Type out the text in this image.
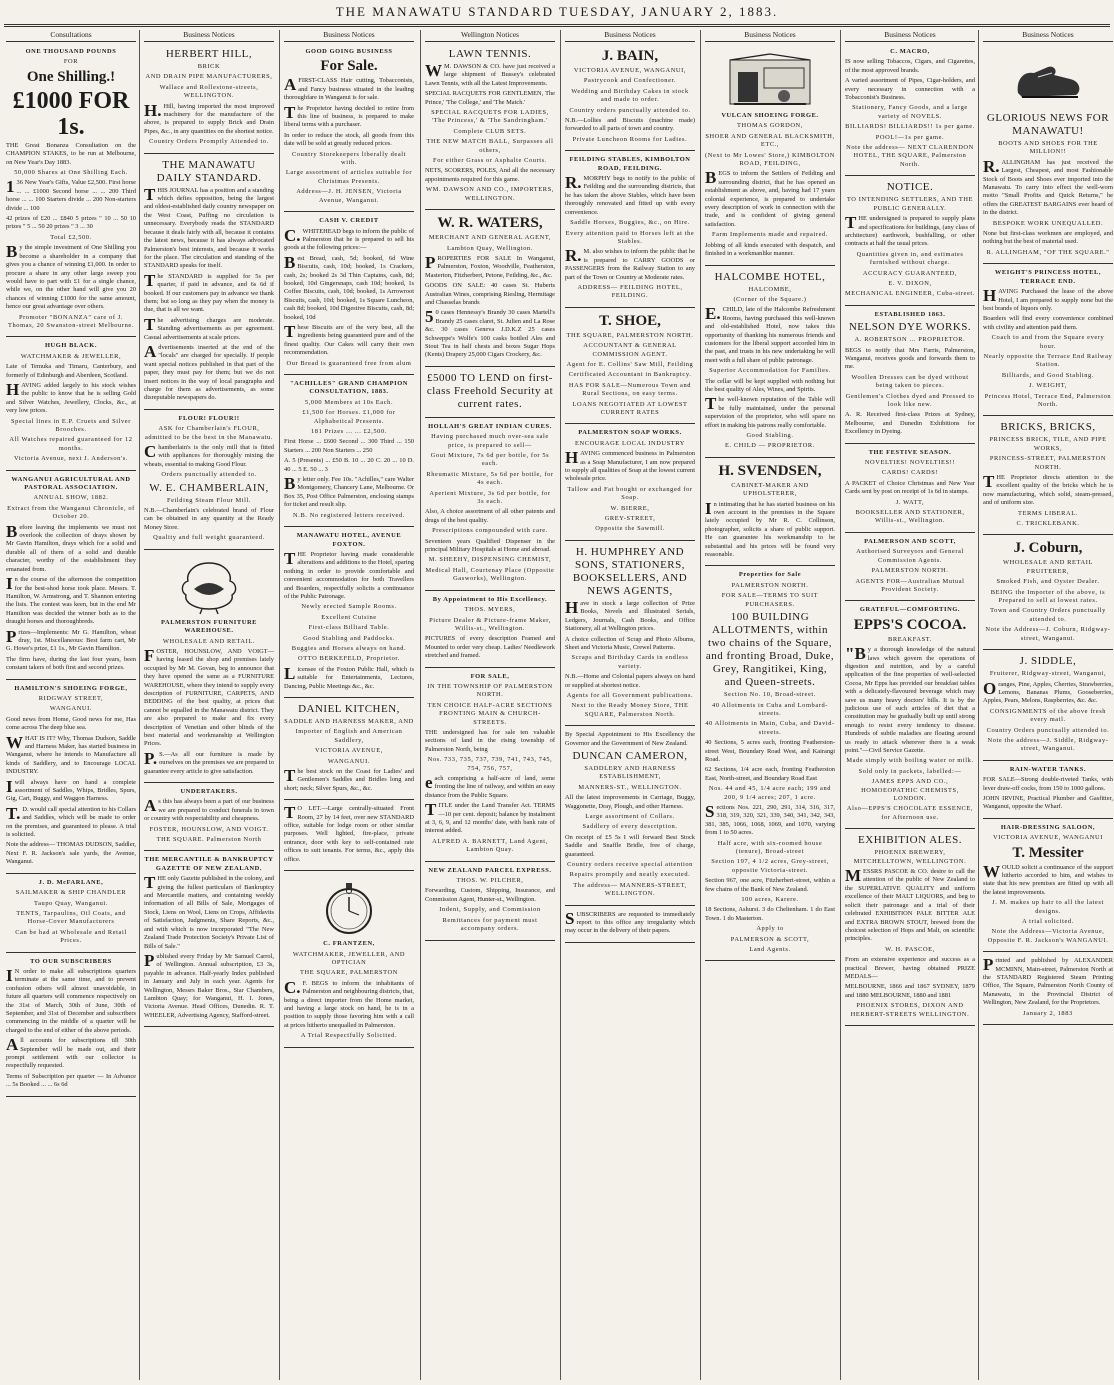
THE MANAWATU STANDARD TUESDAY, JANUARY 2, 1883.
Consultations

ONE THOUSAND POUNDS

FOR

One Shilling.!

£1000 FOR 1s.

THE Great Bonanza Consultation on the CHAMPION STAKES, to be run at Melbourne, on New Year's Day 1883.

50,000 Shares at One Shilling Each.

136 New Year's Gifts, Value £2,500. First horse ... ... £1000 Second horse ... ... 200 Third horse ... ... 100 Starters divide ... 200 Non-starters divide ... 100

42 prizes of £20 ... £840 5 prizes " 10 ... 50 10 prizes " 5 ... 50 20 prizes " 3 ... 30

Total £2,500.

By the simple investment of One Shilling you become a shareholder in a company that gives you a chance of winning £1,000. In order to procure a share in any other large sweep you would have to part with £1 for a single chance, while we, on the other hand will give you 20 chances of winning £1000 for the same amount, hence our great advantage over others.

Promoter "BONANZA" care of J. Thomas, 20 Swanston-street Melbourne.

HUGH BLACK.

WATCHMAKER & JEWELLER,

Late of Temuka and Timaru, Canterbury, and formerly of Edinburgh and Aberdeen, Scotland.

HAVING added largely to his stock wishes the public to know that he is selling Gold and Silver Watches, Jewellery, Clocks, &c., at very low prices.

Special lines in E.P. Cruets and Silver Brooches.

All Watches repaired guaranteed for 12 months.

Victoria Avenue, next J. Anderson's.

WANGANUI AGRICULTURAL AND PASTORAL ASSOCIATION.

ANNUAL SHOW, 1882.

Extract from the Wanganui Chronicle, of October 20.

Before leaving the implements we must not overlook the collection of drays shown by Mr Gavin Hamilton, drays which for a solid and durable all of them of a solid and durable character, worthy of the establishment they emanated from.

In the course of the afternoon the competition for the best-shod horse took place. Messrs. T. Hamilton, W. Armstrong, and T. Shannon entering the lists. The contest was keen, but in the end Mr Hamilton was decided the winner both as to the draught horses and thoroughbreds.

Prizes—Implements: Mr G. Hamilton, wheat dray, 1st. Miscellaneous: Best farm cart, Mr G. Howe's prize, £1 1s., Mr Gavin Hamilton.

The firm have, during the last four years, been constant takers of both first and second prizes.

HAMILTON'S SHOEING FORGE,

RIDGWAY STREET,

WANGANUI.

Good news from Home, Good news for me, Has come across The deep blue sea.

WHAT IS IT? Why, Thomas Dudson, Saddle and Harness Maker, has started business in Wanganui, where he intends to Manufacture all kinds of Saddlery, and to Encourage LOCAL INDUSTRY.

Iwill always have on hand a complete assortment of Saddles, Whips, Bridles, Spurs, Gig, Cart, Buggy, and Waggon Harness.

T.D. would call special attention to his Collars and Saddles, which will be made to order on the premises, and guaranteed to please. A trial is solicited.

Note the address— THOMAS DUDSON, Saddler, Next F. R. Jackson's sale yards, the Avenue, Wanganui.

J. D. McFARLANE,

SAILMAKER & SHIP CHANDLER

Taupo Quay, Wanganui.

TENTS, Tarpaulins, Oil Coats, and Horse-Cover Manufacturers

Can be had at Wholesale and Retail Prices.

TO OUR SUBSCRIBERS

IN order to make all subscriptions quarters terminate at the same time, and to prevent confusion others will almost unavoidable, in future all quarters will commence respectively on the 31st of March, 30th of June, 30th of September, and 31st of December and subscribers commencing in the middle of a quarter will be charged to the end of either of the above periods.

All accounts for subscriptions till 30th September will be made out, and their prompt settlement with our collector is respectfully requested.

Terms of Subscription per quarter — In Advance ... 5s Booked ... ... 6s 6d

Business Notices

HERBERT HILL,

BRICK

AND DRAIN PIPE MANUFACTURERS,

Wallace and Rollestone-streets, WELLINGTON.

H.Hill, having imported the most improved machinery for the manufacture of the above, is prepared to supply Brick and Drain Pipes, &c., in any quantities on the shortest notice.

Country Orders Promptly Attended to.

THE MANAWATU DAILY STANDARD.

THIS JOURNAL has a position and a standing which defies opposition, being the largest and oldest-established daily country newspaper on the West Coast, Puffing no circulation is unnecessary. Everybody reads the STANDARD because it deals fairly with all, because it contains the latest news, because it has always advocated Palmerston's best interests, and because it works for the place. The circulation and standing of the STANDARD speaks for itself.

The STANDARD is supplied for 5s per quarter, if paid in advance, and 6s 6d if booked. If our customers pay in advance we thank them; but so long as they pay when the money is due, that is all we want.

The advertising charges are moderate. Standing advertisements as per agreement. Casual advertisements at scale prices.

Advertisements inserted at the end of the "locals" are charged for specially. If people want special notices published in that part of the paper, they must pay for them; but we do not insert notices in the way of local paragraphs and charge for them as advertisements, as some disreputable newspapers do.

FLOUR! FLOUR!!

ASK for Chamberlain's FLOUR, admitted to be the best in the Manawatu.

Chamberlain's is the only mill that is fitted with appliances for thoroughly mixing the wheats, essential to making Good Flour.

Orders punctually attended to.

W. E. CHAMBERLAIN,

Feilding Steam Flour Mill.

N.B.—Chamberlain's celebrated brand of Flour can be obtained in any quantity at the Ready Money Store.

Quality and full weight guaranteed.

PALMERSTON FURNITURE WAREHOUSE.

WHOLESALE AND RETAIL.

FOSTER, HOUNSLOW, AND VOIGT—having leased the shop and premises lately occupied by Mr M. Govan, beg to announce that they have opened the same as a FURNITURE WAREHOUSE, where they intend to supply every description of FURNITURE, CARPETS, AND BEDDING of the best quality, at prices that cannot be equalled in the Manawatu district. They are also prepared to make and fix every description of Venetian and other blinds of the best material and workmanship at Wellington Prices.

P.S.—As all our furniture is made by ourselves on the premises we are prepared to guarantee every article to give satisfaction.

UNDERTAKERS.

As this has always been a part of our business we are prepared to conduct funerals in town or country with respectability and cheapness.

FOSTER, HOUNSLOW, AND VOIGT.

THE SQUARE. Palmerston North

THE MERCANTILE & BANKRUPTCY GAZETTE OF NEW ZEALAND.

THE only Gazette published in the colony, and giving the fullest particulars of Bankruptcy and Mercantile matters, and containing weekly information of all Bills of Sale, Mortgages of Stock, Liens on Wool, Liens on Crops, Affidavits of Satisfaction, Judgments, Share Reports, &c., and with which is now incorporated "The New Zealand Trade Protection Society's Private List of Bills of Sale."

Published every Friday by Mr Samuel Carrol, of Wellington. Annual subscription, £3 3s, payable in advance. Half-yearly Index published in January and July in each year. Agents for Wellington, Messrs Baker Bros., Star Chambers, Lambton Quay; for Wanganui, H. I. Jones, Victoria Avenue. Head Offices, Dunedin. R. T. WHEELER, Advertising Agency, Stafford-street.

Business Notices

GOOD GOING BUSINESS

For Sale.

AFIRST-CLASS Hair cutting, Tobacconists, and Fancy business situated in the leading thoroughfare in Wanganui is for sale.

The Proprietor having decided to retire from this line of business, is prepared to make liberal terms with a purchaser.

In order to reduce the stock, all goods from this date will be sold at greatly reduced prices.

Country Storekeepers liberally dealt with.

Large assortment of articles suitable for Christmas Presents.

Address—J. H. JENSEN, Victoria Avenue, Wanganui.

CASH V. CREDIT

C.WHITEHEAD begs to inform the public of Palmerston that he is prepared to sell his goods at the following prices:—

Best Bread, cash, 5d; booked, 6d Wine Biscuits, cash, 10d; booked, 1s Crackers, cash, 2s; booked 2s 3d Thin Captains, cash, 8d; booked, 10d Gingersnaps, cash 10d; booked, 1s Coffee Biscuits, cash, 10d; booked, 1s Arrowroot Biscuits, cash, 10d; booked, 1s Square Luncheon, cash 8d; booked, 10d Digestive Biscuits, cash, 8d; booked, 10d

These Biscuits are of the very best, all the ingredients being guaranteed pure and of the finest quality. Our Cakes will carry their own recommendation.

Our Bread is guaranteed free from alum

"ACHILLES" GRAND CHAMPION CONSULTATION, 1883.

5,000 Members at 10s Each.

£1,500 for Horses. £1,000 for Alphabetical Presents.

181 Prizes ... ... £2,500.

First Horse ... £600 Second ... 300 Third ... 150 Starters ... 200 Non Starters ... 250

A. 5 (Presents) ... £50 B. 10 ... 20 C. 20 ... 10 D. 40 ... 5 E. 50 ... 3

By letter only. Fee 10s. "Achilles," care Walter Montgomery, Chancery Lane, Melbourne. Or Box 35, Post Office Palmerston, enclosing stamps for ticket and result slip.

N.B. No registered letters received.

MANAWATU HOTEL, AVENUE FOXTON.

THE Proprietor having made considerable alterations and additions to the Hotel, sparing nothing in order to provide comfortable and convenient accommodation for both Travellers and Boarders, respectfully solicits a continuance of the Public Patronage.

Newly erected Sample Rooms.

Excellent Cuisine

First-class Billiard Table.

Good Stabling and Paddocks.

Buggies and Horses always on hand.

OTTO BERKEFELD, Proprietor.

Licensee of the Foxton Public Hall, which is suitable for Entertainments, Lectures, Dancing, Public Meetings &c., &c.

DANIEL KITCHEN,

SADDLE AND HARNESS MAKER, AND

Importer of English and American Saddlery,

VICTORIA AVENUE,

WANGANUI.

The best stock on the Coast for Ladies' and Gentlemen's Saddles and Bridles long and short; neck; Silver Spurs, &c., &c.

TO LET.—Large centrally-situated Front Room, 27 by 14 feet, over new STANDARD office, suitable for lodge room or other similar purposes. Well lighted, fire-place, private entrance, door with key to self-contained rate offices to suit tenants. For terms, &c., apply this office.

C. FRANTZEN,

WATCHMAKER, JEWELLER, AND OPTICIAN

THE SQUARE, PALMERSTON

C.F. BEGS to inform the inhabitants of Palmerston and neighbouring districts, that, being a direct importer from the Home market, and having a large stock on hand, he is in a position to supply those favoring him with a call at prices hitherto unequalled in Palmerston.

A Trial Respectfully Solicited.

Wellington Notices

LAWN TENNIS.

WM. DAWSON & CO. have just received a large shipment of Bussey's celebrated Lawn Tennis, with all the Latest Improvements.

SPECIAL RACQUETS FOR GENTLEMEN, The Prince,' 'The College,' and 'The Match.'

SPECIAL RACQUETS FOR LADIES, 'The Princess,' & 'The Sandringham.'

Complete CLUB SETS.

THE NEW MATCH BALL, Surpasses all others,

For either Grass or Asphalte Courts.

NETS, SCORERS, POLES, And all the necessary appointments required for this game.

WM. DAWSON AND CO., IMPORTERS, WELLINGTON.

W. R. WATERS,

MERCHANT AND GENERAL AGENT,

Lambton Quay, Wellington.

PROPERTIES FOR SALE In Wanganui, Palmerston, Foxton, Woodville, Featherston, Masterton, Fitzherbert, Petone, Feilding, &c., &c.

GOODS ON SALE: 40 cases St. Huberts Australian Wines, comprising Riesling, Hermitage and Chasselas brands

50 cases Hennessy's Brandy 30 cases Martell's Brandy 25 cases claret, St. Julien and La Rose &c. 30 cases Geneva J.D.K.Z 25 cases Schweppe's Wolfe's 100 casks bottled Ales and Stout Tea in half chests and boxes Sugar Hops (Kents) Drapery 25,000 Cigars Crockery, &c.

£5000 TO LEND on first-class Freehold Security at current rates.

HOLLAH'S GREAT INDIAN CURES.

Having purchased much over-sea sale price, is prepared to sell—

Gout Mixture, 7s 6d per bottle, for 5s each.

Rheumatic Mixture, 5s 6d per bottle, for 4s each.

Aperient Mixture, 3s 6d per bottle, for 3s each.

Also, A choice assortment of all other patents and drugs of the best quality.

Prescriptions compounded with care.

Seventeen years Qualified Dispenser in the principal Military Hospitals at Home and abroad.

M. SHEEHY, DISPENSING CHEMIST,

Medical Hall, Courtenay Place (Opposite Gasworks), Wellington.

By Appointment to His Excellency.

THOS. MYERS,

Picture Dealer & Picture-frame Maker, Willis-st., Wellington.

PICTURES of every description Framed and Mounted to order very cheap. Ladies' Needlework stretched and framed.

FOR SALE,

IN THE TOWNSHIP OF PALMERSTON NORTH.

TEN CHOICE HALF-ACRE SECTIONS FRONTING MAIN & CHURCH-STREETS.

THE undersigned has for sale ten valuable sections of land in the rising township of Palmerston North, being

Nos. 733, 735, 737, 739, 741, 743, 745, 754, 756, 757,

each comprising a half-acre of land, some fronting the line of railway, and within an easy distance from the Public Square.

TITLE under the Land Transfer Act. TERMS—10 per cent. deposit; balance by instalment at 3, 6, 9, and 12 months' date, with bank rate of interest added.

ALFRED A. BARNETT, Land Agent, Lambton Quay.

NEW ZEALAND PARCEL EXPRESS.

THOS. W. PILCHER,

Forwarding, Custom, Shipping, Insurance, and Commission Agent, Hunter-st., Wellington.

Indent, Supply, and Commission

Remittances for payment must accompany orders.

Business Notices

J. BAIN,

VICTORIA AVENUE, WANGANUI,

Pastrycook and Confectioner.

Wedding and Birthday Cakes in stock and made to order.

Country orders punctually attended to.

N.B.—Lollies and Biscuits (machine made) forwarded to all parts of town and country.

Private Luncheon Rooms for Ladies.

FEILDING STABLES, KIMBOLTON ROAD, FEILDING.

R.MORPHY begs to notify to the public of Feilding and the surrounding districts, that he has taken the above Stables, which have been thoroughly renovated and fitted up with every convenience.

Saddle Horses, Buggies, &c., on Hire.

Every attention paid to Horses left at the Stables.

R.M. also wishes to inform the public that he is prepared to CARRY GOODS or PASSENGERS from the Railway Station to any part of the Town or Country at Moderate rates.

ADDRESS— FEILDING HOTEL, FEILDING.

T. SHOE,

THE SQUARE, PALMERSTON NORTH.

ACCOUNTANT & GENERAL COMMISSION AGENT.

Agent for E. Collins' Saw Mill, Feilding

Certificated Accountant in Bankruptcy.

HAS FOR SALE—Numerous Town and Rural Sections, on easy terms.

LOANS NEGOTIATED AT LOWEST CURRENT RATES

PALMERSTON SOAP WORKS.

ENCOURAGE LOCAL INDUSTRY

HAVING commenced business in Palmerston as a Soap Manufacturer, I am now prepared to supply all qualities of Soap at the lowest current wholesale price.

Tallow and Fat bought or exchanged for Soap.

W. BIERRE,

GREY-STREET,

Opposite the Sawmill.

H. HUMPHREY AND SONS, STATIONERS, BOOKSELLERS, AND NEWS AGENTS,

Have in stock a large collection of Prize Books, Novels and Illustrated Serials, Ledgers, Journals, Cash Books, and Office Stationery, all at Wellington prices.

A choice collection of Scrap and Photo Albums, Sheet and Victoria Music, Crewel Patterns.

Scraps and Birthday Cards in endless variety.

N.B.—Home and Colonial papers always on hand or supplied at shortest notice.

Agents for all Government publications.

Next to the Ready Money Store, THE SQUARE, Palmerston North.

By Special Appointment to His Excellency the Governor and the Government of New Zealand.

DUNCAN CAMERON,

SADDLERY AND HARNESS ESTABLISHMENT,

MANNERS-ST., WELLINGTON.

All the latest improvements in Carriage, Buggy, Waggonette, Dray, Plough, and other Harness.

Large assortment of Collars.

Saddlery of every description.

On receipt of £5 5s I will forward Best Stock Saddle and Snaffle Bridle, free of charge, guaranteed.

Country orders receive special attention

Repairs promptly and neatly executed.

The address— MANNERS-STREET, WELLINGTON.

SUBSCRIBERS are requested to immediately report to this office any irregularity which may occur in the delivery of their papers.

Business Notices

VULCAN SHOEING FORGE.

THOMAS GORDON,

SHOER AND GENERAL BLACKSMITH, ETC.,

(Next to Mr Lowes' Store,) KIMBOLTON ROAD, FEILDING,

BEGS to inform the Settlers of Feilding and surrounding district, that he has opened an establishment as above, and, having had 17 years colonial experience, is prepared to undertake every description of work in connection with the trade, and is confident of giving general satisfaction.

Farm Implements made and repaired.

Jobbing of all kinds executed with despatch, and finished in a workmanlike manner.

HALCOMBE HOTEL,

HALCOMBE,

(Corner of the Square.)

E.CHILD, late of the Halcombe Refreshment Rooms, having purchased this well-known and old-established Hotel, now takes this opportunity of thanking his numerous friends and customers for the liberal support accorded him in the past, and trusts in his new undertaking he will meet with a full share of public patronage.

Superior Accommodation for Families.

The cellar will be kept supplied with nothing but the best quality of Ales, Wines, and Spirits.

The well-known reputation of the Table will be fully maintained, under the personal supervision of the proprietor, who will spare no effort in making his patrons really comfortable.

Good Stabling.

E. CHILD — PROPRIETOR.

H. SVENDSEN,

CABINET-MAKER AND UPHOLSTERER,

In intimating that he has started business on his own account in the premises in the Square lately occupied by Mr R. C. Collinson, photographer, solicits a share of public support. He can guarantee his workmanship to be substantial and his prices will be found very reasonable.

Properties for Sale

PALMERSTON NORTH.

FOR SALE—TERMS TO SUIT PURCHASERS.

100 BUILDING ALLOTMENTS, within two chains of the Square, and fronting Broad, Duke, Grey, Rangitikei, King, and Queen-streets.

Section No. 10, Broad-street.

40 Allotments in Cuba and Lombard-streets.

40 Allotments in Main, Cuba, and David-streets.

40 Sections, 5 acres each, fronting Featherston-street West, Boundary Road West, and Kairangi Road.

62 Sections, 1/4 acre each, fronting Featherston East, North-street, and Boundary Road East

Nos. 44 and 45, 1/4 acre each; 199 and 200, 9 1/4 acres; 207, 1 acre.

Sections Nos. 221, 290, 291, 314, 316, 317, 318, 319, 320, 321, 339, 340, 341, 342, 343, 381, 385, 1066, 1068, 1069, and 1070, varying from 1 to 50 acres.

Half acre, with six-roomed house (tenure), Broad-street

Section 197, 4 1/2 acres, Grey-street, opposite Victoria-street.

Section 967, one acre, Fitzherbert-street, within a few chains of the Bank of New Zealand.

100 acres, Karere.

18 Sections, Ashurst. 3 do Cheltenham. 1 do East Town. 1 do Masterton.

Apply to

PALMERSON & SCOTT,

Land Agents.

Business Notices

C. MACRO,

IS now selling Tobaccos, Cigars, and Cigarettes, of the most approved brands.

A varied assortment of Pipes, Cigar-holders, and every necessary in connection with a Tobacconist's Business.

Stationery, Fancy Goods, and a large variety of NOVELS.

BILLIARDS! BILLIARDS!! 1s per game.

POOL!—1s per game.

Note the address— NEXT CLARENDON HOTEL, THE SQUARE, Palmerston North.

NOTICE.

TO INTENDING SETTLERS, AND THE PUBLIC GENERALLY.

THE undersigned is prepared to supply plans and specifications for buildings, (any class of architecture) earthwork, bushfalling, or other contracts at half the usual prices.

Quantities given in, and estimates furnished without charge.

ACCURACY GUARANTEED,

E. V. DIXON,

MECHANICAL ENGINEER, Cuba-street.

ESTABLISHED 1863.

NELSON DYE WORKS.

A. ROBERTSON ... PROPRIETOR.

BEGS to notify that Mrs Farris, Palmerston, Wanganui, receives goods and forwards them to me.

Woollen Dresses can be dyed without being taken to pieces.

Gentlemen's Clothes dyed and Pressed to look like new.

A. R. Received first-class Prizes at Sydney, Melbourne, and Dunedin Exhibitions for Excellency in Dyeing.

THE FESTIVE SEASON.

NOVELTIES! NOVELTIES!!

CARDS! CARDS!

A PACKET of Choice Christmas and New Year Cards sent by post on receipt of 1s 6d in stamps.

J. WATT,

BOOKSELLER AND STATIONER, Willis-st., Wellington.

PALMERSON AND SCOTT,

Authorised Surveyors and General Commission Agents.

PALMERSTON NORTH.

AGENTS FOR—Australian Mutual Provident Society.

GRATEFUL—COMFORTING.

EPPS'S COCOA.

BREAKFAST.

"By a thorough knowledge of the natural laws which govern the operations of digestion and nutrition, and by a careful application of the fine properties of well-selected Cocoa, Mr Epps has provided our breakfast tables with a delicately-flavoured beverage which may save us many heavy doctors' bills. It is by the judicious use of such articles of diet that a constitution may be gradually built up until strong enough to resist every tendency to disease. Hundreds of subtle maladies are floating around us ready to attack wherever there is a weak point."—Civil Service Gazette.

Made simply with boiling water or milk.

Sold only in packets, labelled:—

JAMES EPPS AND CO., HOMOEOPATHIC CHEMISTS, LONDON.

Also—EPPS'S CHOCOLATE ESSENCE, for Afternoon use.

EXHIBITION ALES.

PHOENIX BREWERY, MITCHELLTOWN, WELLINGTON.

MESSRS PASCOE & CO. desire to call the attention of the public of New Zealand to the SUPERLATIVE QUALITY and uniform excellence of their MALT LIQUORS, and beg to solicit their patronage and a trial of their celebrated EXHIBITION PALE BITTER ALE and EXTRA BROWN STOUT, brewed from the choicest selection of Hops and Malt, on scientific principles.

W. H. PASCOE,

From an extensive experience and success as a practical Brewer, having obtained PRIZE MEDALS—

MELBOURNE, 1866 and 1867 SYDNEY, 1879 and 1880 MELBOURNE, 1880 and 1881

PHOENIX STORES, DIXON AND HERBERT-STREETS WELLINGTON.

Business Notices

GLORIOUS NEWS FOR MANAWATU!

BOOTS AND SHOES FOR THE MILLION!!

R.ALLINGHAM has just received the Largest, Cheapest, and most Fashionable Stock of Boots and Shoes ever imported into the Manawatu. To carry into effect the well-worn motto "Small Profits and Quick Returns," he offers the GREATEST BARGAINS ever heard of in the district.

BESPOKE WORK UNEQUALLED.

None but first-class workmen are employed, and nothing but the best of material used.

R. ALLINGHAM, "OF THE SQUARE."

WEIGHT'S PRINCESS HOTEL, TERRACE END.

HAVING Purchased the lease of the above Hotel, I am prepared to supply none but the best brands of liquors only.

Boarders will find every convenience combined with civility and attention paid them.

Coach to and from the Square every hour.

Nearly opposite the Terrace End Railway Station.

Billiards, and Good Stabling.

J. WEIGHT,

Princess Hotel, Terrace End, Palmerston North.

BRICKS, BRICKS,

PRINCESS BRICK, TILE, AND PIPE WORKS,

PRINCESS-STREET, PALMERSTON NORTH.

THE Proprietor directs attention to the excellent quality of the bricks which he is now manufacturing, which solid, steam-pressed, and of uniform size.

TERMS LIBERAL.

C. TRICKLEBANK.

J. Coburn,

WHOLESALE AND RETAIL FRUITERER,

Smoked Fish, and Oyster Dealer.

BEING the Importer of the above, is Prepared to sell at lowest rates.

Town and Country Orders punctually attended to.

Note the Address—J. Coburn, Ridgway-street, Wanganui.

J. SIDDLE,

Fruiterer, Ridgway-street, Wanganui,

Oranges, Pine, Apples, Cherries, Strawberries, Lemons, Bananas Plums, Gooseberries, Apples, Pears, Melons, Raspberries, &c. &c.

CONSIGNMENTS of the above fresh every mail.

Country Orders punctually attended to.

Note the address—J. Siddle, Ridgway-street, Wanganui.

RAIN-WATER TANKS.

FOR SALE—Strong double-riveted Tanks, with lever draw-off cocks, from 150 to 1000 gallons.

JOHN IRVINE, Practical Plumber and Gasfitter, Wanganui, opposite the Wharf.

HAIR-DRESSING SALOON,

VICTORIA AVENUE, WANGANUI

T. Messiter

WOULD solicit a continuance of the support hitherto accorded to him, and wishes to state that his new premises are fitted up with all the latest improvements.

J. M. makes up hair to all the latest designs.

A trial solicited.

Note the Address—Victoria Avenue, Opposite F. R. Jackson's WANGANUI.

Printed and published by ALEXANDER MCMINN, Main-street, Palmerston North at the STANDARD Registered Steam Printing Office, The Square, Palmerston North County of Manawatu, in the Provincial District of Wellington, New Zealand, for the Proprietors.

January 2, 1883
